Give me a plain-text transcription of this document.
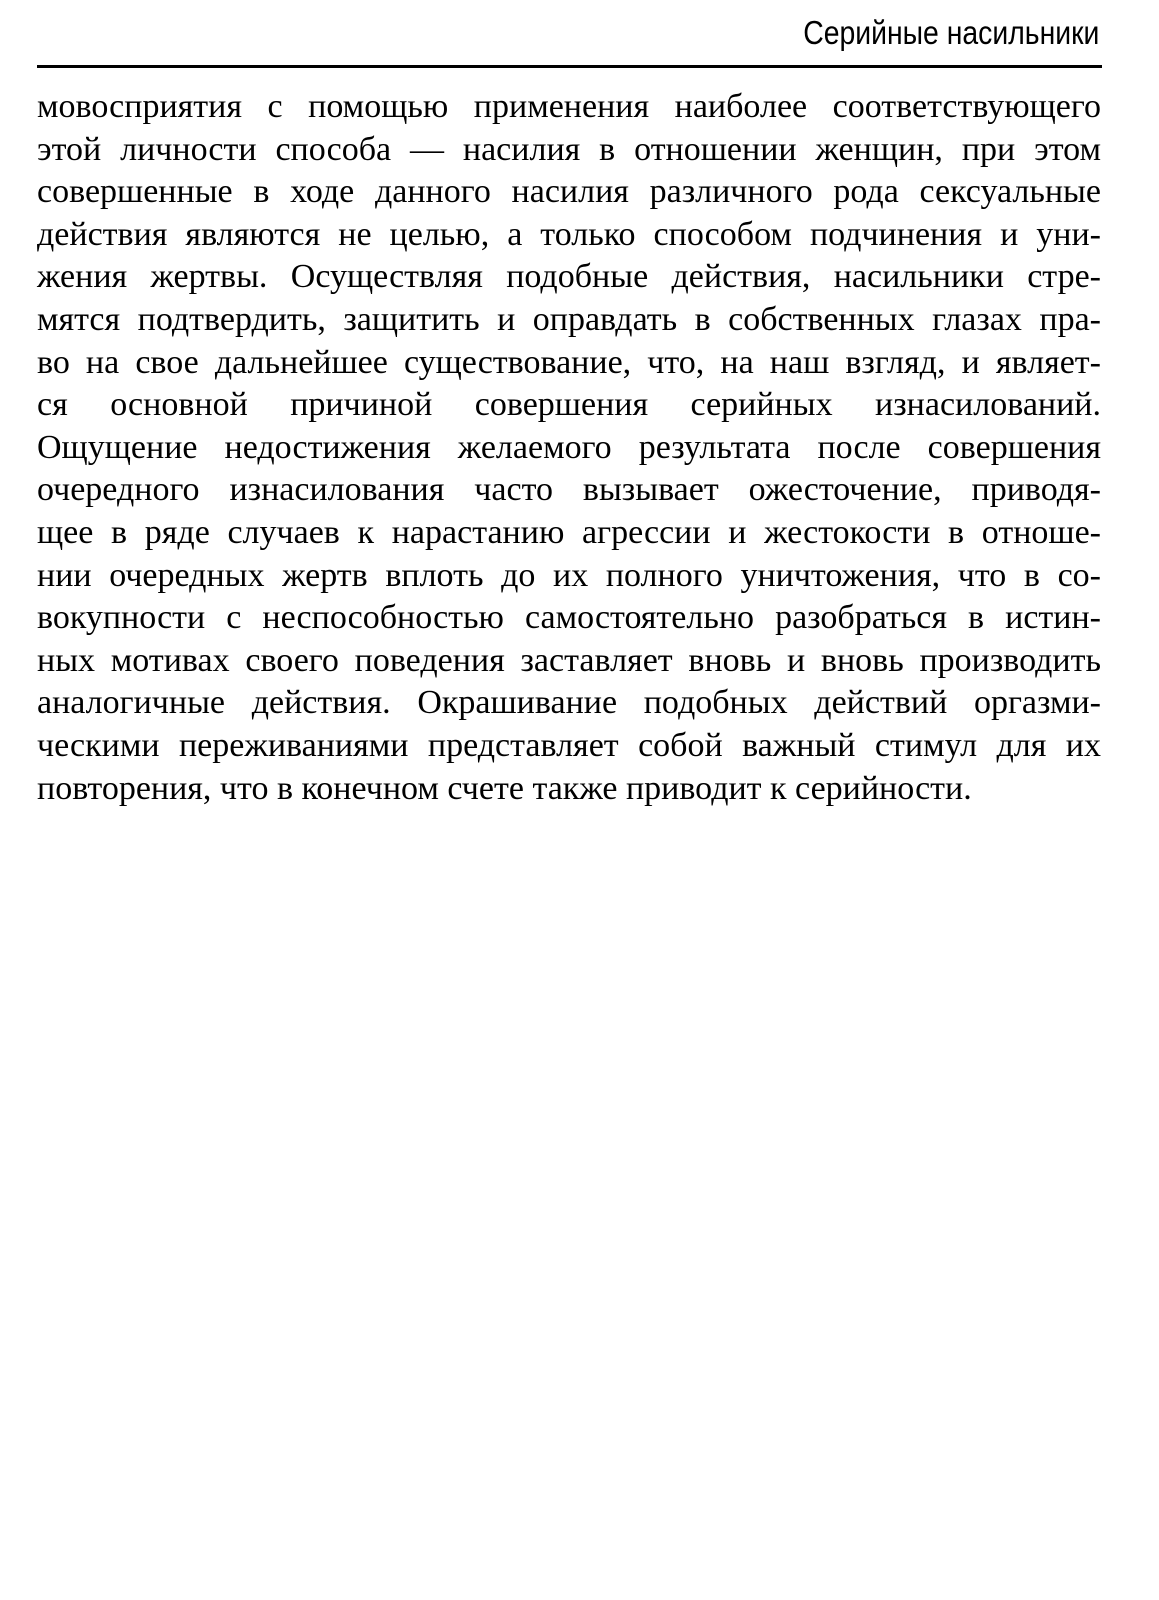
Серийные насильники
мовосприятия с помощью применения наиболее соответствующего
этой личности способа — насилия в отношении женщин, при этом
совершенные в ходе данного насилия различного рода сексуальные
действия являются не целью, а только способом подчинения и уни-
жения жертвы. Осуществляя подобные действия, насильники стре-
мятся подтвердить, защитить и оправдать в собственных глазах пра-
во на свое дальнейшее существование, что, на наш взгляд, и являет-
ся основной причиной совершения серийных изнасилований.
Ощущение недостижения желаемого результата после совершения
очередного изнасилования часто вызывает ожесточение, приводя-
щее в ряде случаев к нарастанию агрессии и жестокости в отноше-
нии очередных жертв вплоть до их полного уничтожения, что в со-
вокупности с неспособностью самостоятельно разобраться в истин-
ных мотивах своего поведения заставляет вновь и вновь производить
аналогичные действия. Окрашивание подобных действий оргазми-
ческими переживаниями представляет собой важный стимул для их
повторения, что в конечном счете также приводит к серийности.
